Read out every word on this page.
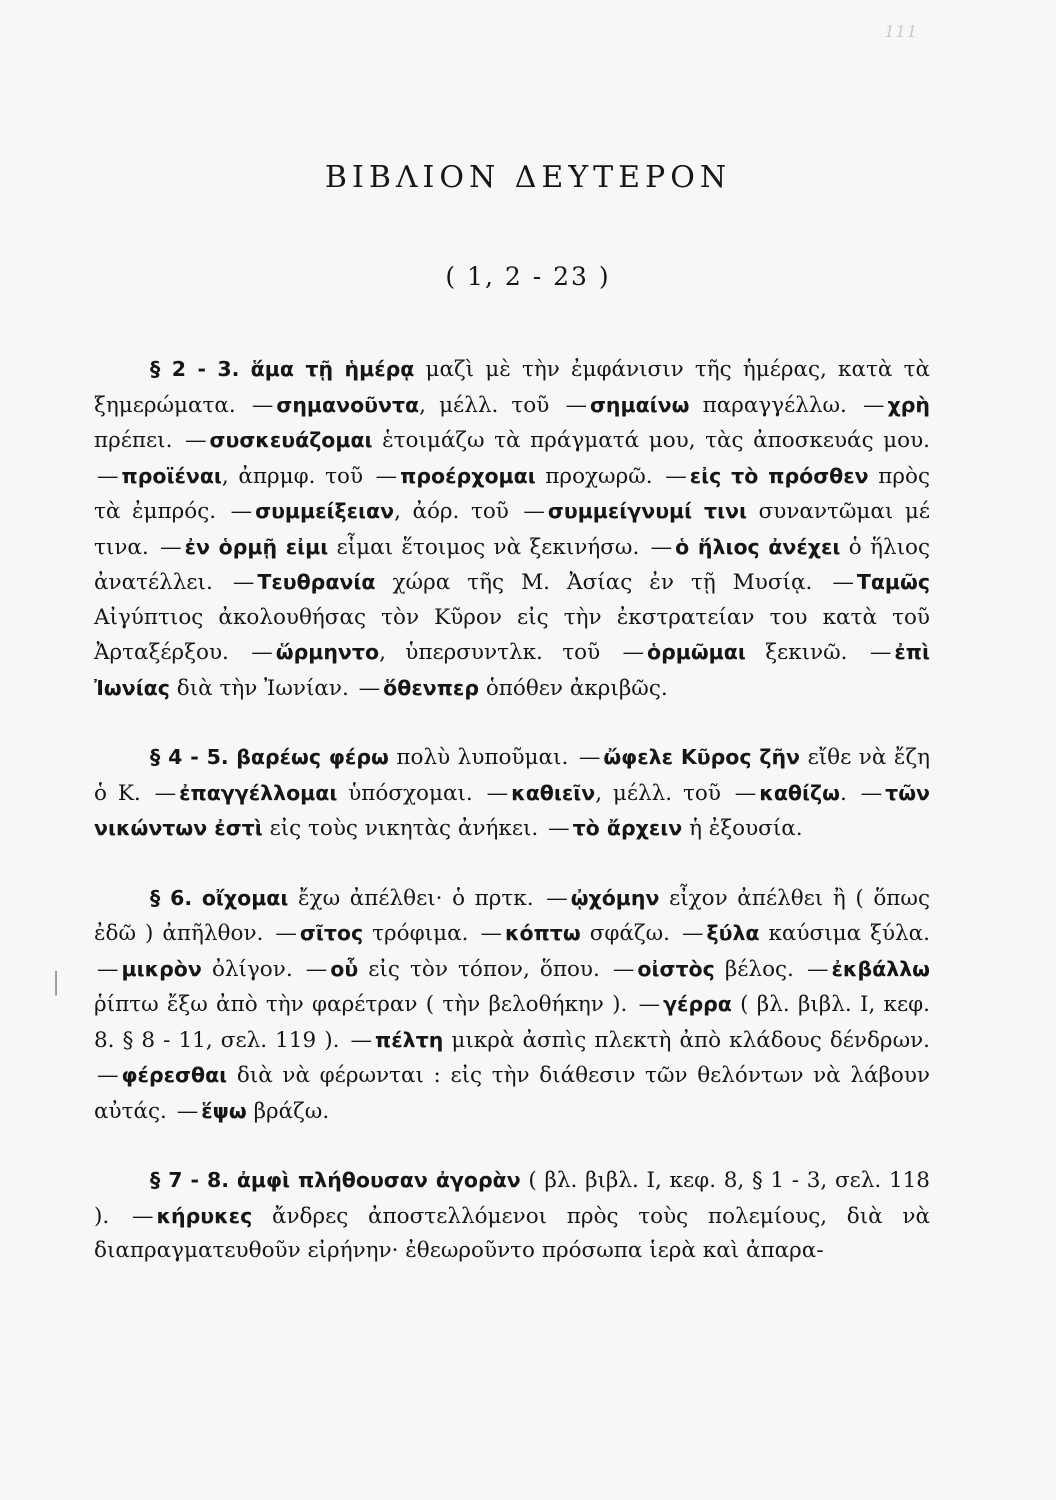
111
ΒΙΒΛΙΟΝ ΔΕΥΤΕΡΟΝ
( 1, 2 - 23 )
|

§ 2 - 3. ἅμα τῇ ἡμέρᾳ μαζὶ μὲ τὴν ἐμφάνισιν τῆς ἡμέρας, κατὰ τὰ ξημερώματα. — σημανοῦντα, μέλλ. τοῦ — σημαίνω παραγγέλλω. — χρὴ πρέπει. — συσκευάζομαι ἑτοιμάζω τὰ πράγματά μου, τὰς ἀποσκευάς μου. — προϊέναι, ἀπρμφ. τοῦ — προέρχομαι προχωρῶ. — εἰς τὸ πρόσθεν πρὸς τὰ ἐμπρός. — συμμείξειαν, ἀόρ. τοῦ — συμμείγνυμί τινι συναντῶμαι μέ τινα. — ἐν ὁρμῇ εἰμι εἶμαι ἕτοιμος νὰ ξεκινήσω. — ὁ ἥλιος ἀνέχει ὁ ἥλιος ἀνατέλλει. — Τευθρανία χώρα τῆς Μ. Ἀσίας ἐν τῇ Μυσίᾳ. — Ταμῶς Αἰγύπτιος ἀκολουθήσας τὸν Κῦρον εἰς τὴν ἐκστρατείαν του κατὰ τοῦ Ἀρταξέρξου. — ὥρμηντο, ὑπερσυντλκ. τοῦ — ὁρμῶμαι ξεκινῶ. — ἐπὶ Ἰωνίας διὰ τὴν Ἰωνίαν. — ὅθενπερ ὁπόθεν ἀκριβῶς.

§ 4 - 5. βαρέως φέρω πολὺ λυποῦμαι. — ὤφελε Κῦρος ζῆν εἴθε νὰ ἔζη ὁ Κ. — ἐπαγγέλλομαι ὑπόσχομαι. — καθιεῖν, μέλλ. τοῦ — καθίζω. — τῶν νικώντων ἐστὶ εἰς τοὺς νικητὰς ἀνήκει. — τὸ ἄρχειν ἡ ἐξουσία.

§ 6. οἴχομαι ἔχω ἀπέλθει· ὁ πρτκ. — ᾠχόμην εἶχον ἀπέλθει ἢ ( ὅπως ἐδῶ ) ἀπῆλθον. — σῖτος τρόφιμα. — κόπτω σφάζω. — ξύλα καύσιμα ξύλα. — μικρὸν ὀλίγον. — οὗ εἰς τὸν τόπον, ὅπου. — οἰστὸς βέλος. — ἐκβάλλω ῥίπτω ἔξω ἀπὸ τὴν φαρέτραν ( τὴν βελοθήκην ). — γέρρα ( βλ. βιβλ. Ι, κεφ. 8. § 8 - 11, σελ. 119 ). — πέλτη μικρὰ ἀσπὶς πλεκτὴ ἀπὸ κλάδους δένδρων. — φέρεσθαι διὰ νὰ φέρωνται : εἰς τὴν διάθεσιν τῶν θελόντων νὰ λάβουν αὐτάς. — ἕψω βράζω.

§ 7 - 8. ἀμφὶ πλήθουσαν ἀγορὰν ( βλ. βιβλ. Ι, κεφ. 8, § 1 - 3, σελ. 118 ). — κήρυκες ἄνδρες ἀποστελλόμενοι πρὸς τοὺς πολεμίους, διὰ νὰ διαπραγματευθοῦν εἰρήνην· ἐθεωροῦντο πρόσωπα ἱερὰ καὶ ἀπαρα-
